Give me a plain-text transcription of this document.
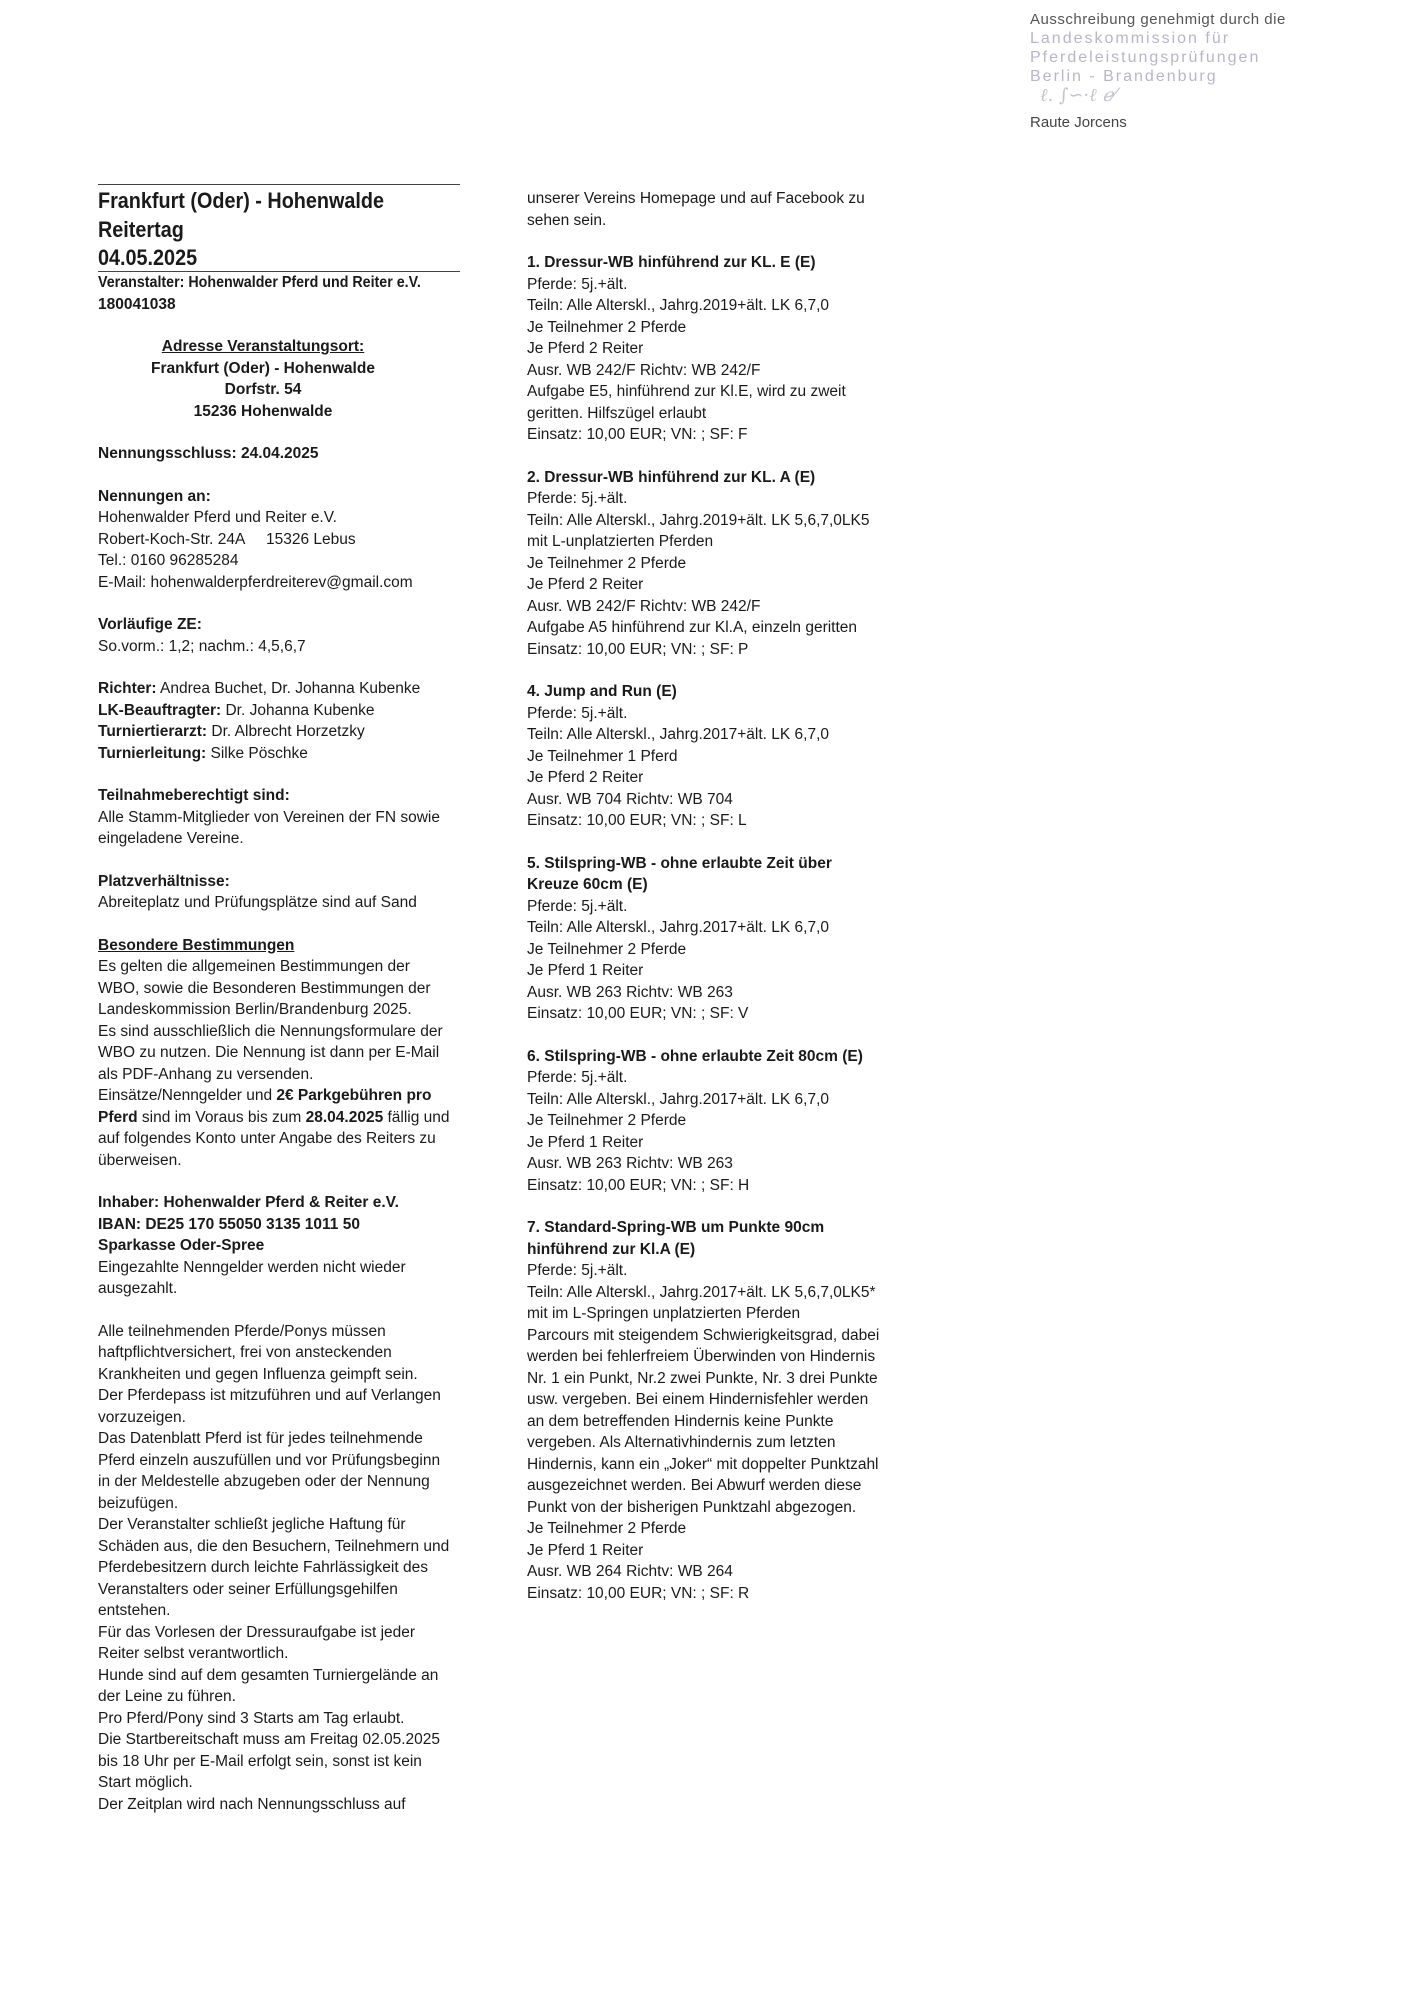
Ausschreibung genehmigt durch die
Landeskommission für
Pferdeleistungsprüfungen
Berlin - Brandenburg
ℓ. ∫∽·ℓ ℯ⁄
Raute Jorcens
Frankfurt (Oder) - Hohenwalde
Reitertag
04.05.2025
Veranstalter: Hohenwalder Pferd und Reiter e.V.
180041038
Adresse Veranstaltungsort:
Frankfurt (Oder) - Hohenwalde
Dorfstr. 54
15236 Hohenwalde
Nennungsschluss: 24.04.2025
Nennungen an:
Hohenwalder Pferd und Reiter e.V.
Robert-Koch-Str. 24A     15326 Lebus
Tel.: 0160 96285284
E-Mail: hohenwalderpferdreiterev@gmail.com
Vorläufige ZE:
So.vorm.: 1,2; nachm.: 4,5,6,7
Richter: Andrea Buchet, Dr. Johanna Kubenke
LK-Beauftragter: Dr. Johanna Kubenke
Turniertierarzt: Dr. Albrecht Horzetzky
Turnierleitung: Silke Pöschke
Teilnahmeberechtigt sind:
Alle Stamm-Mitglieder von Vereinen der FN sowie
eingeladene Vereine.
Platzverhältnisse:
Abreiteplatz und Prüfungsplätze sind auf Sand
Besondere Bestimmungen
Es gelten die allgemeinen Bestimmungen der
WBO, sowie die Besonderen Bestimmungen der
Landeskommission Berlin/Brandenburg 2025.
Es sind ausschließlich die Nennungsformulare der
WBO zu nutzen. Die Nennung ist dann per E-Mail
als PDF-Anhang zu versenden.
Einsätze/Nenngelder und 2€ Parkgebühren pro
Pferd sind im Voraus bis zum 28.04.2025 fällig und
auf folgendes Konto unter Angabe des Reiters zu
überweisen.
Inhaber: Hohenwalder Pferd & Reiter e.V.
IBAN: DE25 170 55050 3135 1011 50
Sparkasse Oder-Spree
Eingezahlte Nenngelder werden nicht wieder
ausgezahlt.
Alle teilnehmenden Pferde/Ponys müssen
haftpflichtversichert, frei von ansteckenden
Krankheiten und gegen Influenza geimpft sein.
Der Pferdepass ist mitzuführen und auf Verlangen
vorzuzeigen.
Das Datenblatt Pferd ist für jedes teilnehmende
Pferd einzeln auszufüllen und vor Prüfungsbeginn
in der Meldestelle abzugeben oder der Nennung
beizufügen.
Der Veranstalter schließt jegliche Haftung für
Schäden aus, die den Besuchern, Teilnehmern und
Pferdebesitzern durch leichte Fahrlässigkeit des
Veranstalters oder seiner Erfüllungsgehilfen
entstehen.
Für das Vorlesen der Dressuraufgabe ist jeder
Reiter selbst verantwortlich.
Hunde sind auf dem gesamten Turniergelände an
der Leine zu führen.
Pro Pferd/Pony sind 3 Starts am Tag erlaubt.
Die Startbereitschaft muss am Freitag 02.05.2025
bis 18 Uhr per E-Mail erfolgt sein, sonst ist kein
Start möglich.
Der Zeitplan wird nach Nennungsschluss auf
unserer Vereins Homepage und auf Facebook zu
sehen sein.
1. Dressur-WB hinführend zur KL. E (E)
Pferde: 5j.+ält.
Teiln: Alle Alterskl., Jahrg.2019+ält. LK 6,7,0
Je Teilnehmer 2 Pferde
Je Pferd 2 Reiter
Ausr. WB 242/F Richtv: WB 242/F
Aufgabe E5, hinführend zur Kl.E, wird zu zweit
geritten. Hilfszügel erlaubt
Einsatz: 10,00 EUR; VN: ; SF: F
2. Dressur-WB hinführend zur KL. A (E)
Pferde: 5j.+ält.
Teiln: Alle Alterskl., Jahrg.2019+ält. LK 5,6,7,0LK5
mit L-unplatzierten Pferden
Je Teilnehmer 2 Pferde
Je Pferd 2 Reiter
Ausr. WB 242/F Richtv: WB 242/F
Aufgabe A5 hinführend zur Kl.A, einzeln geritten
Einsatz: 10,00 EUR; VN: ; SF: P
4. Jump and Run (E)
Pferde: 5j.+ält.
Teiln: Alle Alterskl., Jahrg.2017+ält. LK 6,7,0
Je Teilnehmer 1 Pferd
Je Pferd 2 Reiter
Ausr. WB 704 Richtv: WB 704
Einsatz: 10,00 EUR; VN: ; SF: L
5. Stilspring-WB - ohne erlaubte Zeit über
Kreuze 60cm (E)
Pferde: 5j.+ält.
Teiln: Alle Alterskl., Jahrg.2017+ält. LK 6,7,0
Je Teilnehmer 2 Pferde
Je Pferd 1 Reiter
Ausr. WB 263 Richtv: WB 263
Einsatz: 10,00 EUR; VN: ; SF: V
6. Stilspring-WB - ohne erlaubte Zeit 80cm (E)
Pferde: 5j.+ält.
Teiln: Alle Alterskl., Jahrg.2017+ält. LK 6,7,0
Je Teilnehmer 2 Pferde
Je Pferd 1 Reiter
Ausr. WB 263 Richtv: WB 263
Einsatz: 10,00 EUR; VN: ; SF: H
7. Standard-Spring-WB um Punkte 90cm
hinführend zur Kl.A (E)
Pferde: 5j.+ält.
Teiln: Alle Alterskl., Jahrg.2017+ält. LK 5,6,7,0LK5*
mit im L-Springen unplatzierten Pferden
Parcours mit steigendem Schwierigkeitsgrad, dabei
werden bei fehlerfreiem Überwinden von Hindernis
Nr. 1 ein Punkt, Nr.2 zwei Punkte, Nr. 3 drei Punkte
usw. vergeben. Bei einem Hindernisfehler werden
an dem betreffenden Hindernis keine Punkte
vergeben. Als Alternativhindernis zum letzten
Hindernis, kann ein „Joker“ mit doppelter Punktzahl
ausgezeichnet werden. Bei Abwurf werden diese
Punkt von der bisherigen Punktzahl abgezogen.
Je Teilnehmer 2 Pferde
Je Pferd 1 Reiter
Ausr. WB 264 Richtv: WB 264
Einsatz: 10,00 EUR; VN: ; SF: R
